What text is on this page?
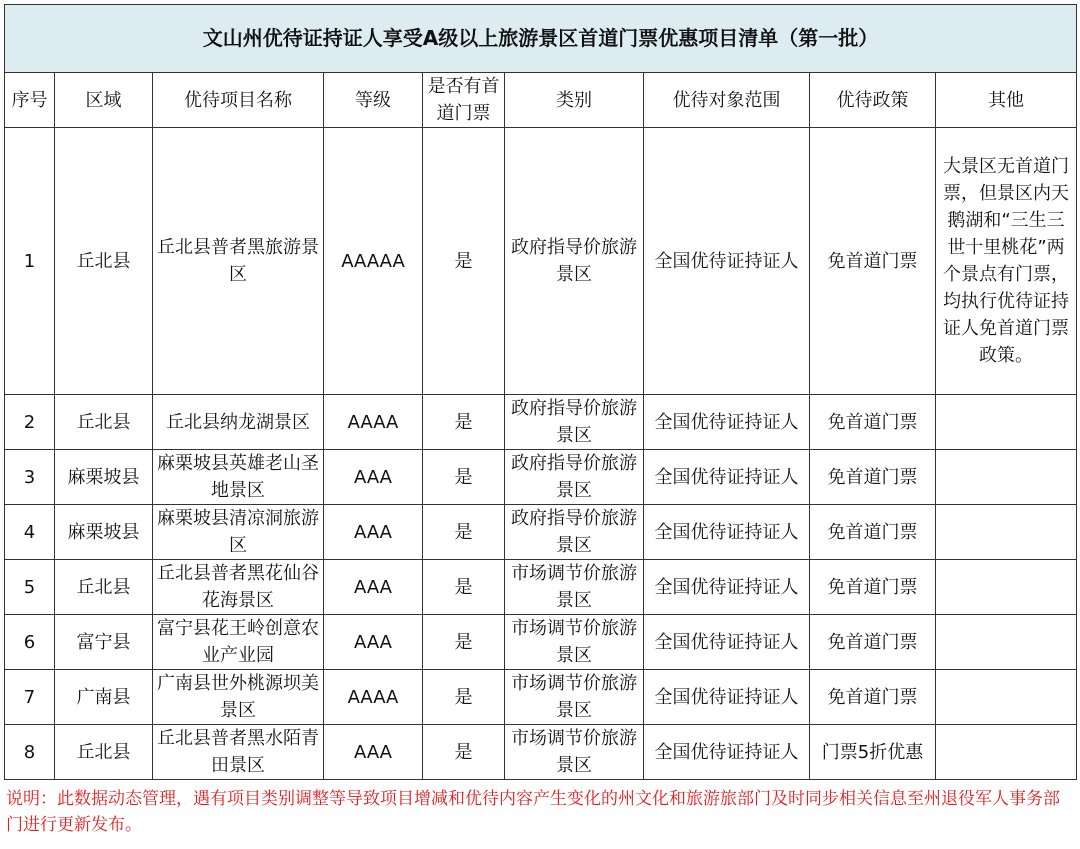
文山州优待证持证人享受A级以上旅游景区首道门票优惠项目清单（第一批）								
序号	区域	优待项目名称	等级	是否有首道门票	类别	优待对象范围	优待政策	其他
1	丘北县	丘北县普者黑旅游景区	AAAAA	是	政府指导价旅游景区	全国优待证持证人	免首道门票	大景区无首道门票，但景区内天鹅湖和“三生三世十里桃花”两个景点有门票，均执行优待证持证人免首道门票政策。
2	丘北县	丘北县纳龙湖景区	AAAA	是	政府指导价旅游景区	全国优待证持证人	免首道门票	
3	麻栗坡县	麻栗坡县英雄老山圣地景区	AAA	是	政府指导价旅游景区	全国优待证持证人	免首道门票	
4	麻栗坡县	麻栗坡县清凉洞旅游区	AAA	是	政府指导价旅游景区	全国优待证持证人	免首道门票	
5	丘北县	丘北县普者黑花仙谷花海景区	AAA	是	市场调节价旅游景区	全国优待证持证人	免首道门票	
6	富宁县	富宁县花王岭创意农业产业园	AAA	是	市场调节价旅游景区	全国优待证持证人	免首道门票	
7	广南县	广南县世外桃源坝美景区	AAAA	是	市场调节价旅游景区	全国优待证持证人	免首道门票	
8	丘北县	丘北县普者黑水陌青田景区	AAA	是	市场调节价旅游景区	全国优待证持证人	门票5折优惠	
说明：此数据动态管理，遇有项目类别调整等导致项目增减和优待内容产生变化的州文化和旅游旅部门及时同步相关信息至州退役军人事务部门进行更新发布。
